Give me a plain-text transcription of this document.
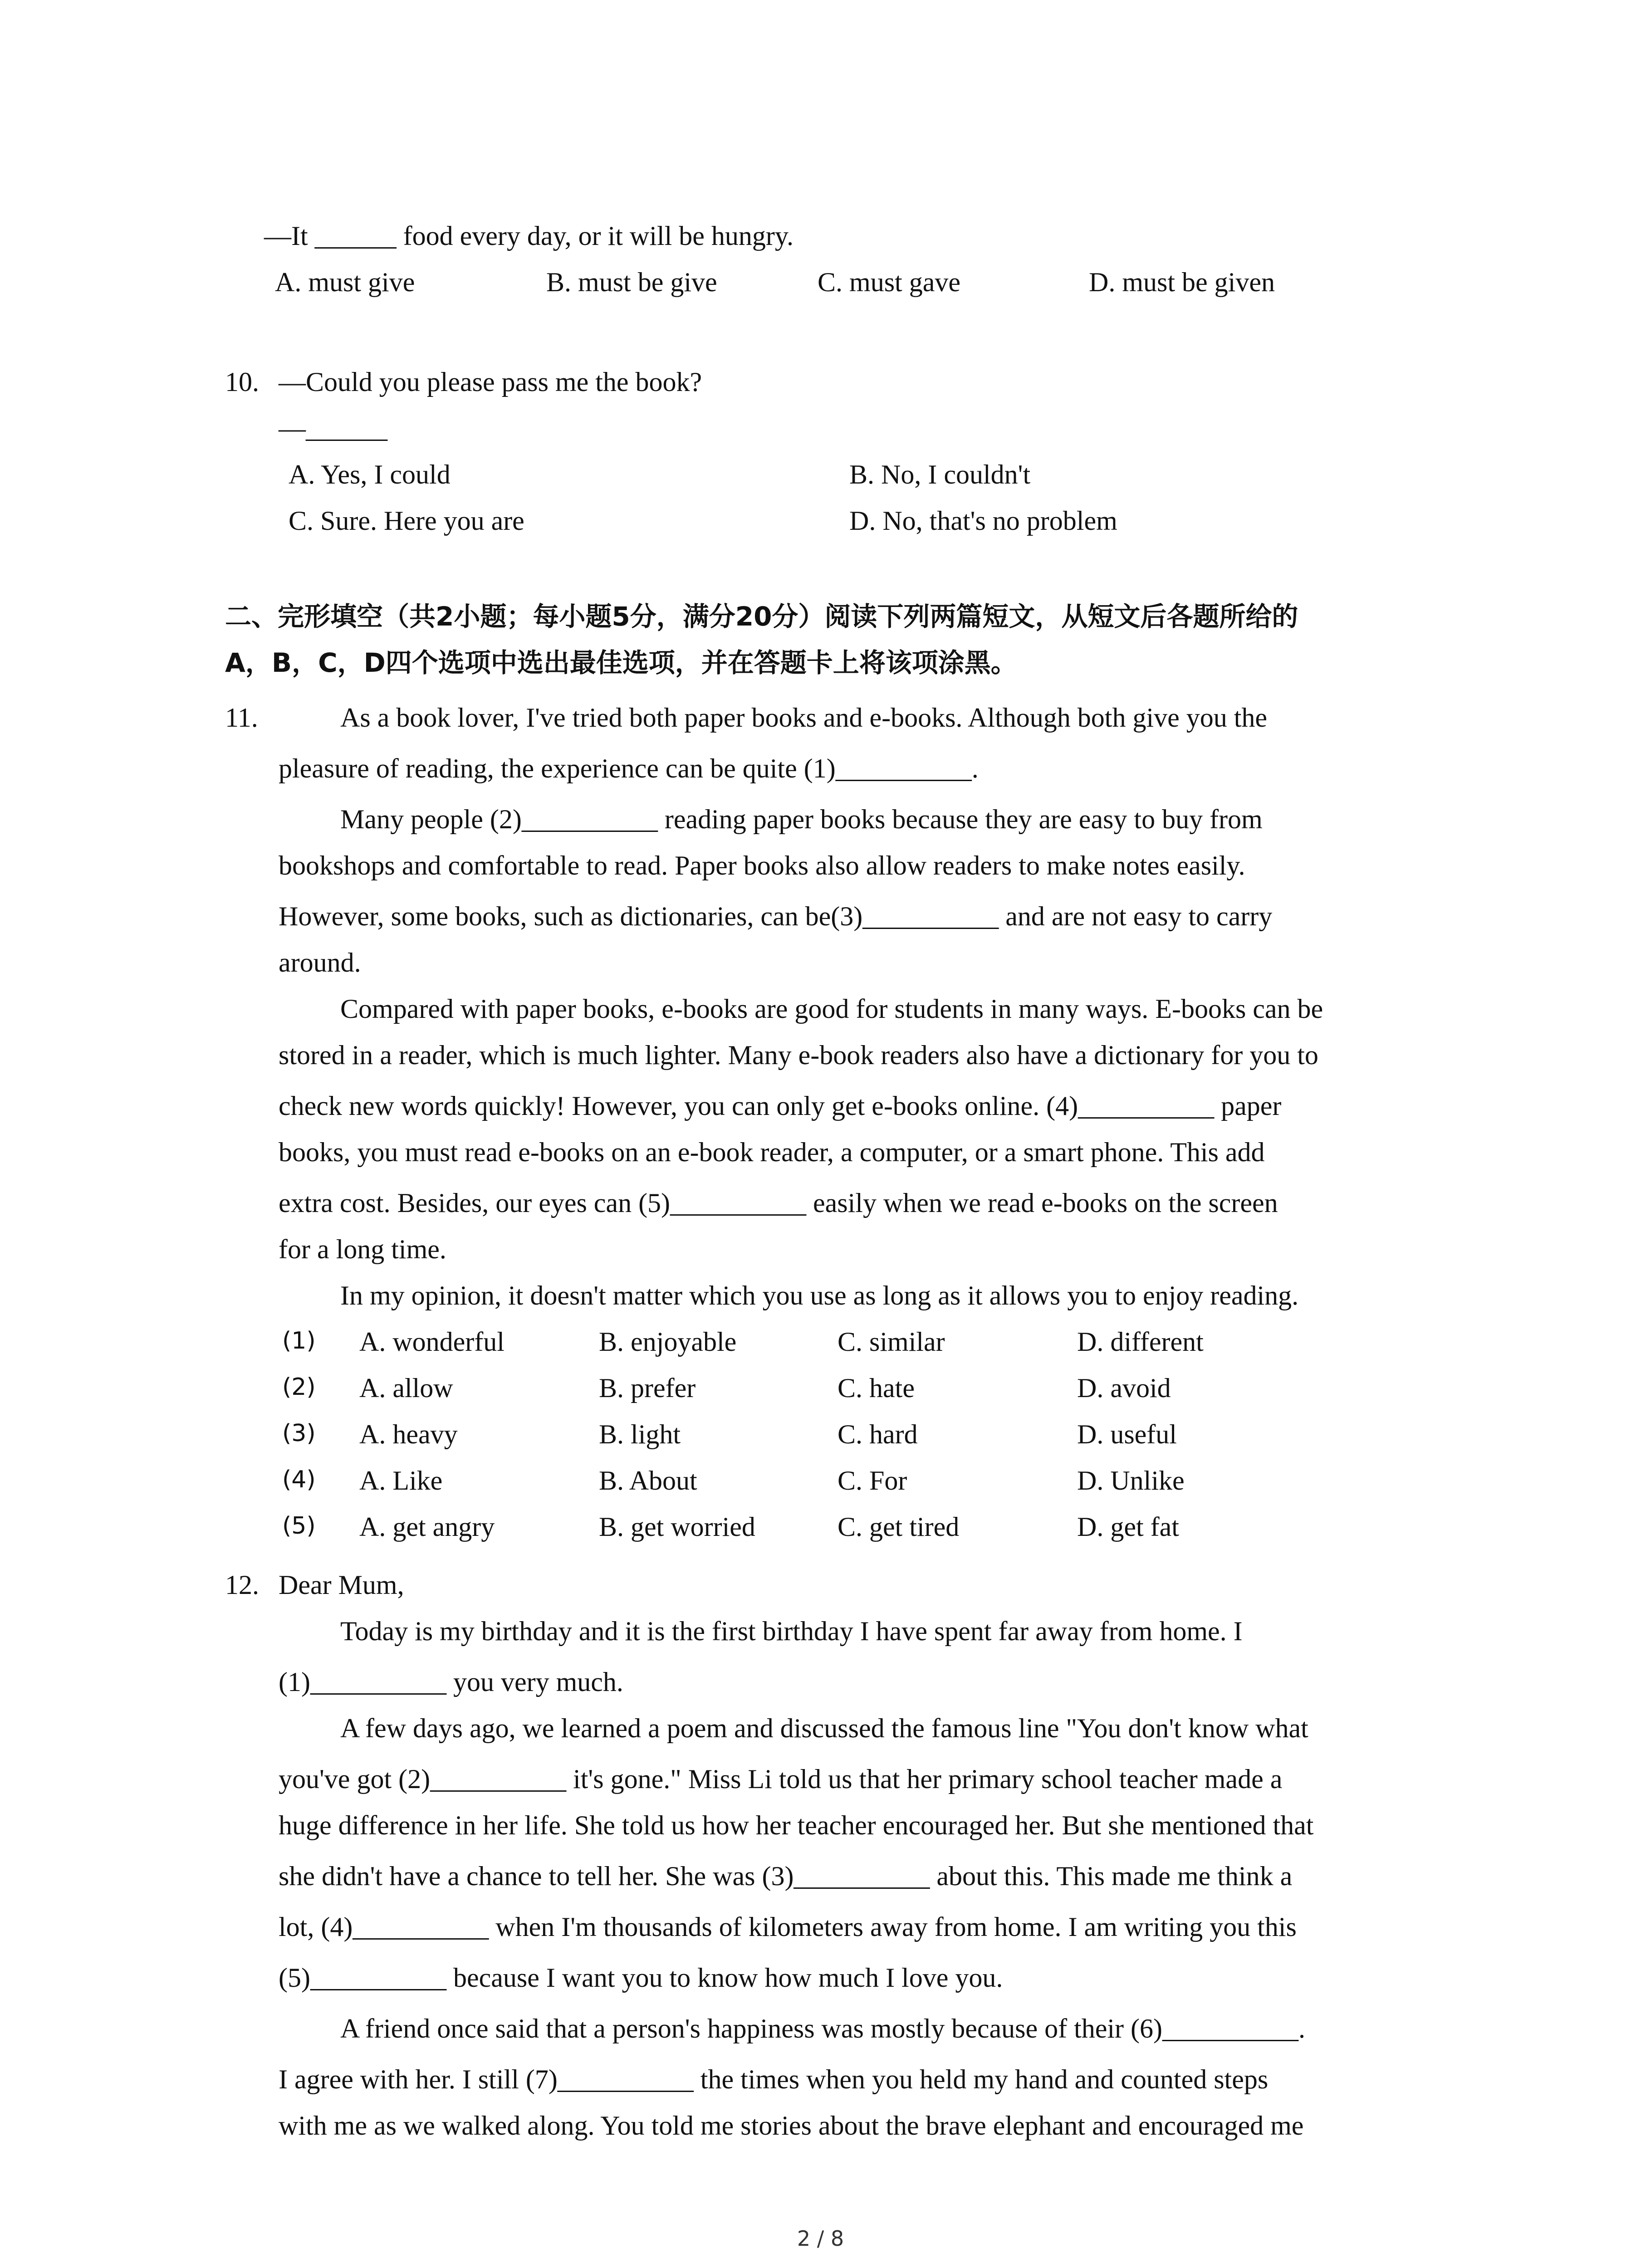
—It ______ food every day, or it will be hungry.
A. must give	B. must be give	C. must gave	D. must be given
10. —Could you please pass me the book?
—______
A. Yes, I could	B. No, I couldn't
C. Sure. Here you are	D. No, that's no problem
二、完形填空（共2小题；每小题5分，满分20分）阅读下列两篇短文，从短文后各题所给的
A，B，C，D四个选项中选出最佳选项，并在答题卡上将该项涂黑。
11.	As a book lover, I've tried both paper books and e-books. Although both give you the
pleasure of reading, the experience can be quite (1)__________.
Many people (2)__________ reading paper books because they are easy to buy from
bookshops and comfortable to read. Paper books also allow readers to make notes easily.
However, some books, such as dictionaries, can be(3)__________ and are not easy to carry
around.
Compared with paper books, e-books are good for students in many ways. E-books can be
stored in a reader, which is much lighter. Many e-book readers also have a dictionary for you to
check new words quickly! However, you can only get e-books online. (4)__________ paper
books, you must read e-books on an e-book reader, a computer, or a smart phone. This add
extra cost. Besides, our eyes can (5)__________ easily when we read e-books on the screen
for a long time.
In my opinion, it doesn't matter which you use as long as it allows you to enjoy reading.
(1) A. wonderful	B. enjoyable	C. similar	D. different
(2) A. allow	B. prefer	C. hate	D. avoid
(3) A. heavy	B. light	C. hard	D. useful
(4) A. Like	B. About	C. For	D. Unlike
(5) A. get angry	B. get worried	C. get tired	D. get fat
12. Dear Mum,
Today is my birthday and it is the first birthday I have spent far away from home. I
(1)__________ you very much.
A few days ago, we learned a poem and discussed the famous line "You don't know what
you've got (2)__________ it's gone." Miss Li told us that her primary school teacher made a
huge difference in her life. She told us how her teacher encouraged her. But she mentioned that
she didn't have a chance to tell her. She was (3)__________ about this. This made me think a
lot, (4)__________ when I'm thousands of kilometers away from home. I am writing you this
(5)__________ because I want you to know how much I love you.
A friend once said that a person's happiness was mostly because of their (6)__________.
I agree with her. I still (7)__________ the times when you held my hand and counted steps
with me as we walked along. You told me stories about the brave elephant and encouraged me
2 / 8
